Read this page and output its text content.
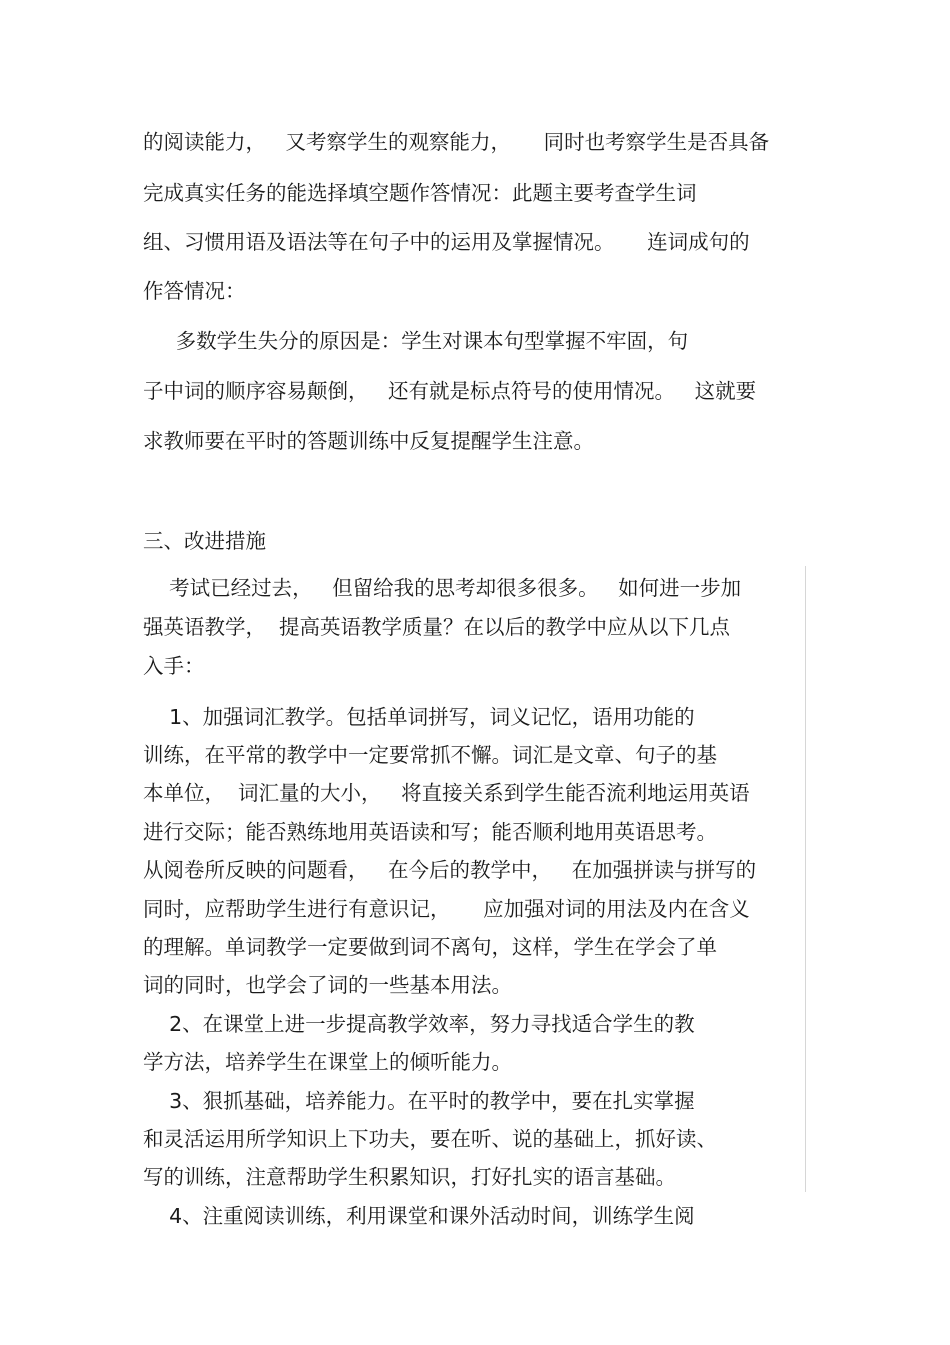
的阅读能力，   又考察学生的观察能力，     同时也考察学生是否具备

完成真实任务的能选择填空题作答情况：此题主要考查学生词

组、习惯用语及语法等在句子中的运用及掌握情况。     连词成句的

作答情况：

多数学生失分的原因是：学生对课本句型掌握不牢固，句

子中词的顺序容易颠倒，   还有就是标点符号的使用情况。   这就要

求教师要在平时的答题训练中反复提醒学生注意。

三、改进措施

考试已经过去，   但留给我的思考却很多很多。   如何进一步加

强英语教学，  提高英语教学质量？在以后的教学中应从以下几点

入手：

1、加强词汇教学。包括单词拼写，词义记忆，语用功能的

训练，在平常的教学中一定要常抓不懈。词汇是文章、句子的基

本单位，  词汇量的大小，   将直接关系到学生能否流利地运用英语

进行交际；能否熟练地用英语读和写；能否顺利地用英语思考。

从阅卷所反映的问题看，   在今后的教学中，   在加强拼读与拼写的

同时，应帮助学生进行有意识记，     应加强对词的用法及内在含义

的理解。单词教学一定要做到词不离句，这样，学生在学会了单

词的同时，也学会了词的一些基本用法。

2、在课堂上进一步提高教学效率，努力寻找适合学生的教

学方法，培养学生在课堂上的倾听能力。

3、狠抓基础，培养能力。在平时的教学中，要在扎实掌握

和灵活运用所学知识上下功夫，要在听、说的基础上，抓好读、

写的训练，注意帮助学生积累知识，打好扎实的语言基础。

4、注重阅读训练，利用课堂和课外活动时间，训练学生阅
